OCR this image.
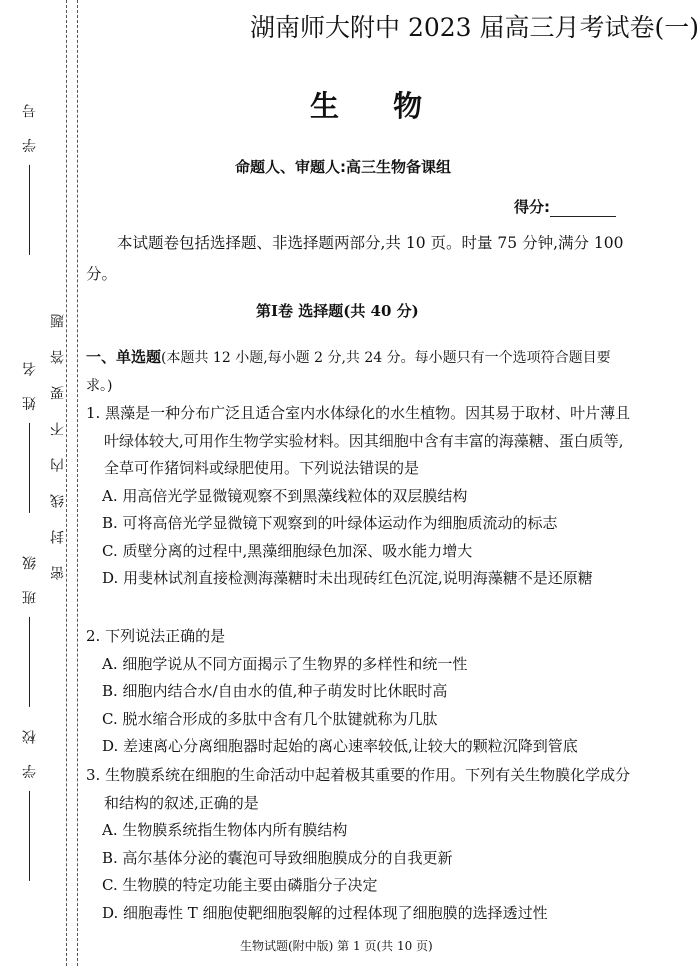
学 号
姓 名
班 级
学 校
密封线内不要答题
湖南师大附中 2023 届高三月考试卷(一)
生 物
命题人、审题人:高三生物备课组
得分:
本试题卷包括选择题、非选择题两部分,共 10 页。时量 75 分钟,满分 100 分。
第Ⅰ卷 选择题(共 40 分)
一、单选题(本题共 12 小题,每小题 2 分,共 24 分。每小题只有一个选项符合题目要求。)
1. 黑藻是一种分布广泛且适合室内水体绿化的水生植物。因其易于取材、叶片薄且叶绿体较大,可用作生物学实验材料。因其细胞中含有丰富的海藻糖、蛋白质等,全草可作猪饲料或绿肥使用。下列说法错误的是
A. 用高倍光学显微镜观察不到黑藻线粒体的双层膜结构
B. 可将高倍光学显微镜下观察到的叶绿体运动作为细胞质流动的标志
C. 质壁分离的过程中,黑藻细胞绿色加深、吸水能力增大
D. 用斐林试剂直接检测海藻糖时未出现砖红色沉淀,说明海藻糖不是还原糖
2. 下列说法正确的是
A. 细胞学说从不同方面揭示了生物界的多样性和统一性
B. 细胞内结合水/自由水的值,种子萌发时比休眠时高
C. 脱水缩合形成的多肽中含有几个肽键就称为几肽
D. 差速离心分离细胞器时起始的离心速率较低,让较大的颗粒沉降到管底
3. 生物膜系统在细胞的生命活动中起着极其重要的作用。下列有关生物膜化学成分和结构的叙述,正确的是
A. 生物膜系统指生物体内所有膜结构
B. 高尔基体分泌的囊泡可导致细胞膜成分的自我更新
C. 生物膜的特定功能主要由磷脂分子决定
D. 细胞毒性 T 细胞使靶细胞裂解的过程体现了细胞膜的选择透过性
生物试题(附中版) 第 1 页(共 10 页)
